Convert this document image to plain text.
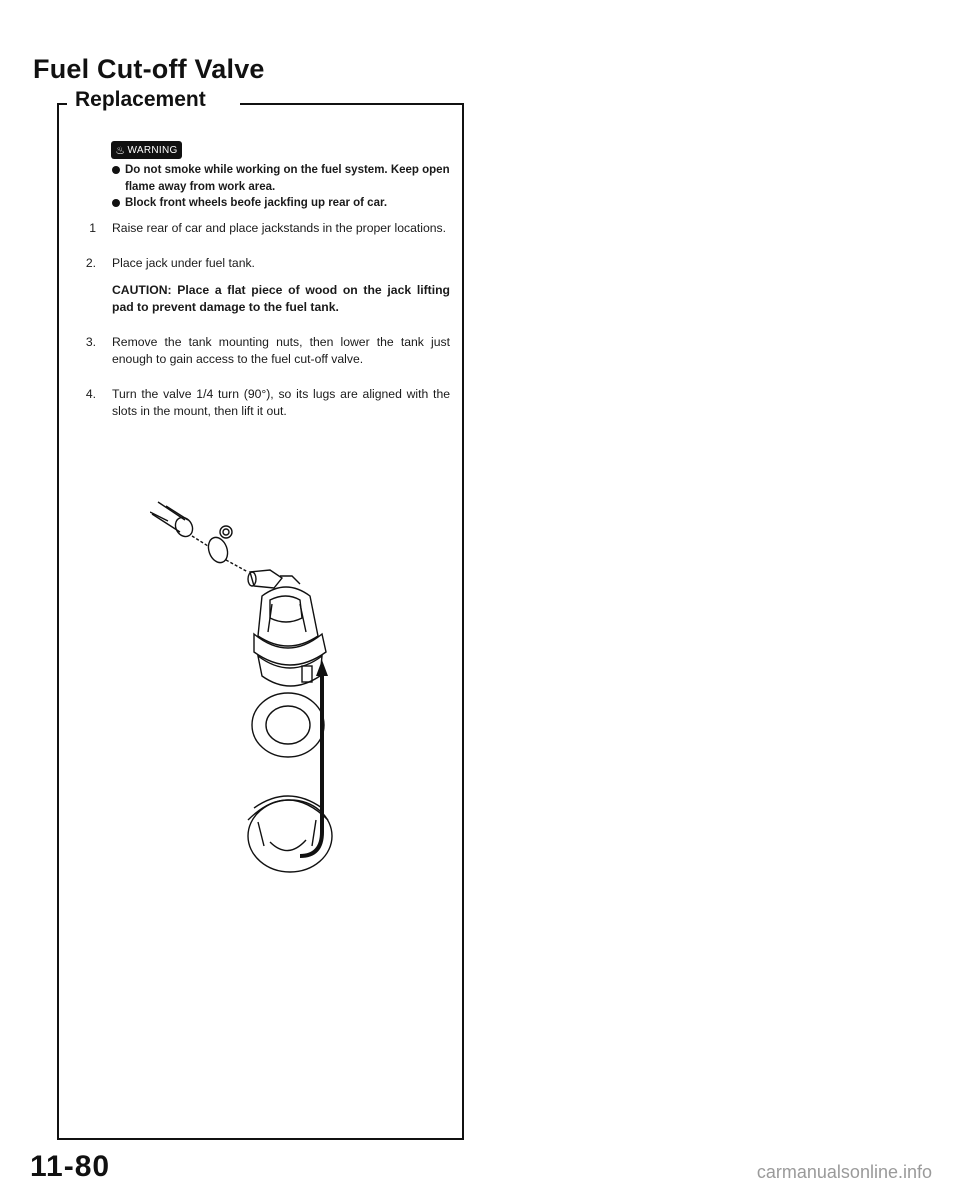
Fuel Cut-off Valve
Replacement
♨ WARNING
Do not smoke while working on the fuel system. Keep open flame away from work area.
Block front wheels beofe jackfing up rear of car.
1 Raise rear of car and place jackstands in the proper locations.
2. Place jack under fuel tank.
CAUTION: Place a flat piece of wood on the jack lifting pad to prevent damage to the fuel tank.
3. Remove the tank mounting nuts, then lower the tank just enough to gain access to the fuel cut-off valve.
4. Turn the valve 1/4 turn (90°), so its lugs are aligned with the slots in the mount, then lift it out.
11-80	carmanualsonline.info
